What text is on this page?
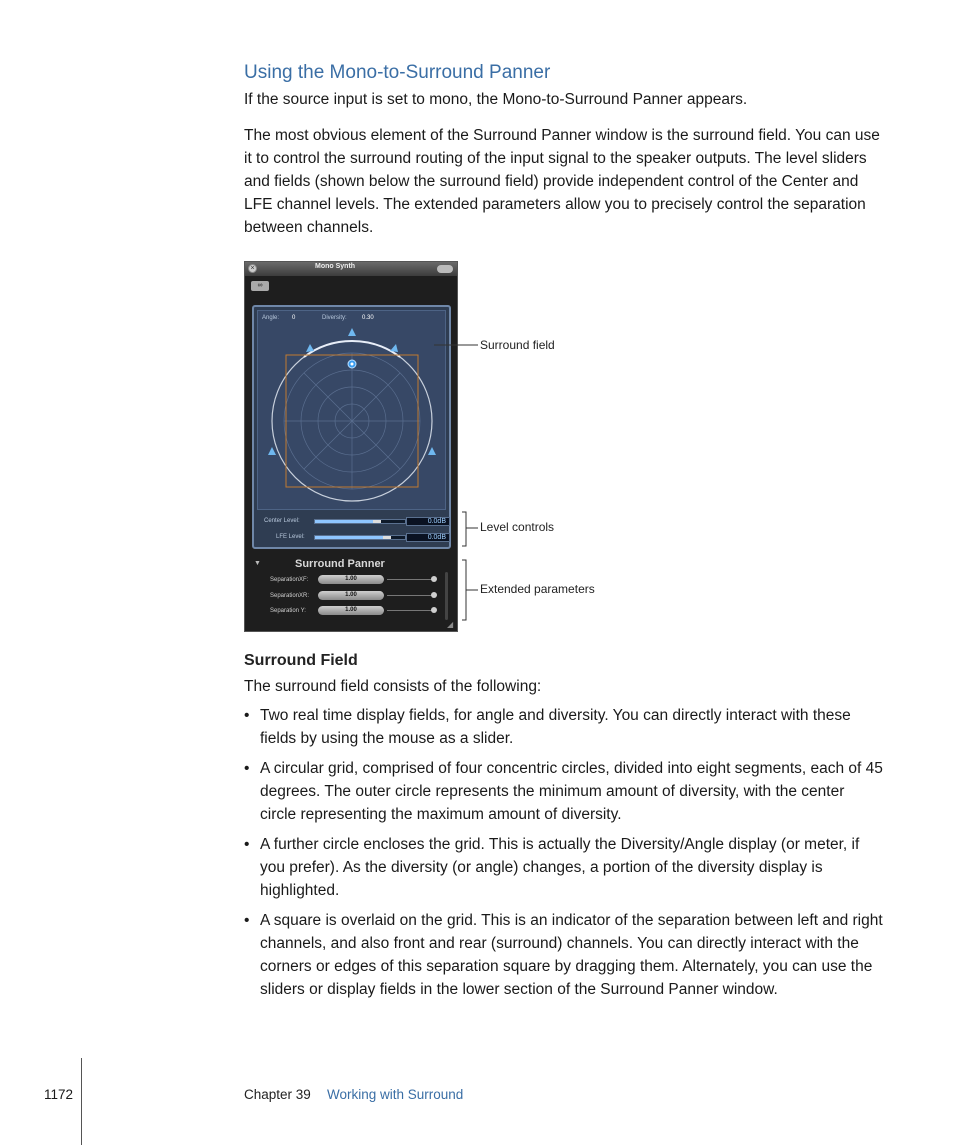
Using the Mono-to-Surround Panner
If the source input is set to mono, the Mono-to-Surround Panner appears.
The most obvious element of the Surround Panner window is the surround field. You can use it to control the surround routing of the input signal to the speaker outputs. The level sliders and fields (shown below the surround field) provide independent control of the Center and LFE channel levels. The extended parameters allow you to precisely control the separation between channels.
×	Mono Synth
∞
Angle: 0	Diversity:	0.30
Center Level:	0.0dB
LFE Level:	0.0dB
▼	Surround Panner
SeparationXF:	1.00
SeparationXR:	1.00
Separation Y:	1.00
◢
Surround field
Level controls
Extended parameters
Surround Field
The surround field consists of the following:
• Two real time display fields, for angle and diversity. You can directly interact with these fields by using the mouse as a slider.
• A circular grid, comprised of four concentric circles, divided into eight segments, each of 45 degrees. The outer circle represents the minimum amount of diversity, with the center circle representing the maximum amount of diversity.
• A further circle encloses the grid. This is actually the Diversity/Angle display (or meter, if you prefer). As the diversity (or angle) changes, a portion of the diversity display is highlighted.
• A square is overlaid on the grid. This is an indicator of the separation between left and right channels, and also front and rear (surround) channels. You can directly interact with the corners or edges of this separation square by dragging them. Alternately, you can use the sliders or display fields in the lower section of the Surround Panner window.
1172	Chapter 39 Working with Surround
